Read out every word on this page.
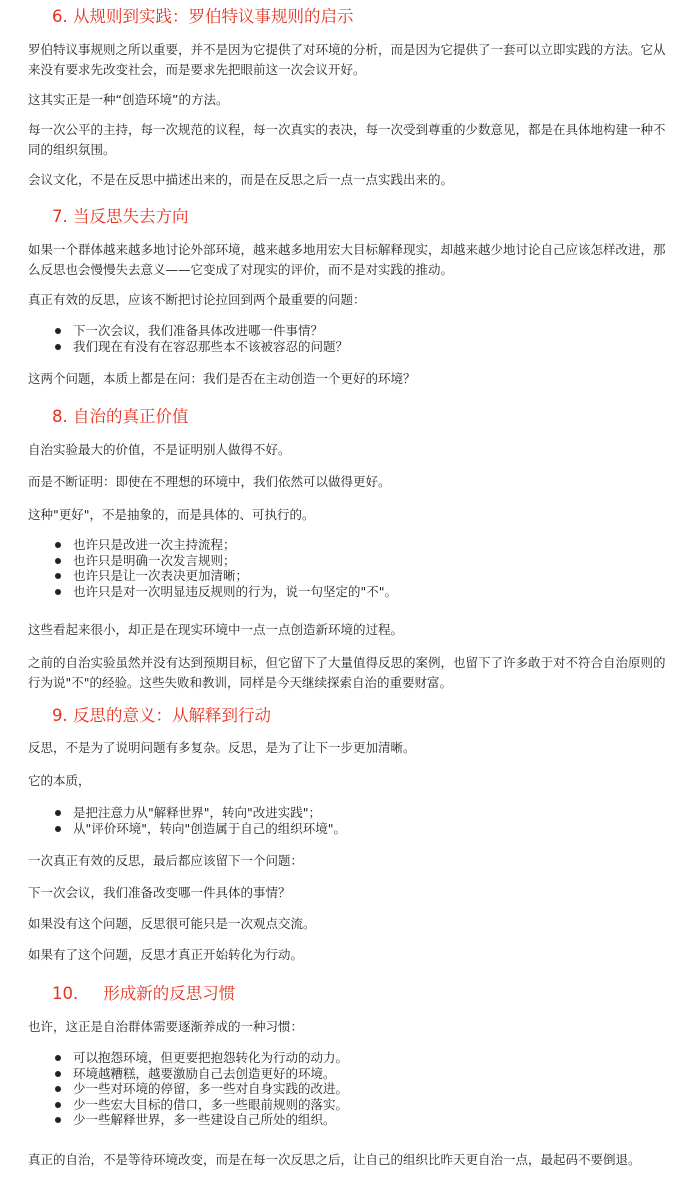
6. 从规则到实践：罗伯特议事规则的启示
罗伯特议事规则之所以重要，并不是因为它提供了对环境的分析，而是因为它提供了一套可以立即实践的方法。它从来没有要求先改变社会，而是要求先把眼前这一次会议开好。
这其实正是一种“创造环境”的方法。
每一次公平的主持，每一次规范的议程，每一次真实的表决，每一次受到尊重的少数意见，都是在具体地构建一种不同的组织氛围。
会议文化，不是在反思中描述出来的，而是在反思之后一点一点实践出来的。
7. 当反思失去方向
如果一个群体越来越多地讨论外部环境，越来越多地用宏大目标解释现实，却越来越少地讨论自己应该怎样改进，那么反思也会慢慢失去意义——它变成了对现实的评价，而不是对实践的推动。
真正有效的反思，应该不断把讨论拉回到两个最重要的问题：
下一次会议，我们准备具体改进哪一件事情？
我们现在有没有在容忍那些本不该被容忍的问题？
这两个问题，本质上都是在问：我们是否在主动创造一个更好的环境？
8. 自治的真正价值
自治实验最大的价值，不是证明别人做得不好。
而是不断证明：即使在不理想的环境中，我们依然可以做得更好。
这种"更好"，不是抽象的，而是具体的、可执行的。
也许只是改进一次主持流程；
也许只是明确一次发言规则；
也许只是让一次表决更加清晰；
也许只是对一次明显违反规则的行为，说一句坚定的"不"。
这些看起来很小，却正是在现实环境中一点一点创造新环境的过程。
之前的自治实验虽然并没有达到预期目标，但它留下了大量值得反思的案例，也留下了许多敢于对不符合自治原则的行为说"不"的经验。这些失败和教训，同样是今天继续探索自治的重要财富。
9. 反思的意义：从解释到行动
反思，不是为了说明问题有多复杂。反思，是为了让下一步更加清晰。
它的本质，
是把注意力从"解释世界"，转向"改进实践"；
从"评价环境"，转向"创造属于自己的组织环境"。
一次真正有效的反思，最后都应该留下一个问题：
下一次会议，我们准备改变哪一件具体的事情？
如果没有这个问题，反思很可能只是一次观点交流。
如果有了这个问题，反思才真正开始转化为行动。
10. 形成新的反思习惯
也许，这正是自治群体需要逐渐养成的一种习惯：
可以抱怨环境，但更要把抱怨转化为行动的动力。
环境越糟糕，越要激励自己去创造更好的环境。
少一些对环境的停留，多一些对自身实践的改进。
少一些宏大目标的借口，多一些眼前规则的落实。
少一些解释世界，多一些建设自己所处的组织。
真正的自治，不是等待环境改变，而是在每一次反思之后，让自己的组织比昨天更自治一点，最起码不要倒退。
